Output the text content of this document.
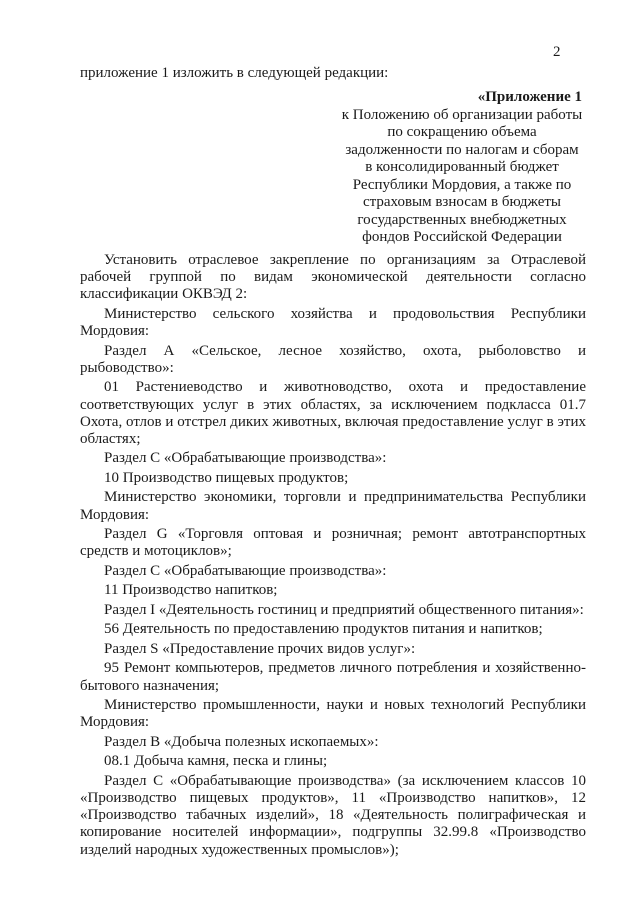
2
приложение 1 изложить в следующей редакции:
«Приложение 1
к Положению об организации работы
по сокращению объема
задолженности по налогам и сборам
в консолидированный бюджет
Республики Мордовия, а также по
страховым взносам в бюджеты
государственных внебюджетных
фондов Российской Федерации

Установить отраслевое закрепление по организациям за Отраслевой рабочей группой по видам экономической деятельности согласно классификации ОКВЭД 2:

Министерство сельского хозяйства и продовольствия Республики Мордовия:

Раздел А «Сельское, лесное хозяйство, охота, рыболовство и рыбоводство»:

01 Растениеводство и животноводство, охота и предоставление соответствующих услуг в этих областях, за исключением подкласса 01.7 Охота, отлов и отстрел диких животных, включая предоставление услуг в этих областях;

Раздел С «Обрабатывающие производства»:

10 Производство пищевых продуктов;

Министерство экономики, торговли и предпринимательства Республики Мордовия:

Раздел G «Торговля оптовая и розничная; ремонт автотранспортных средств и мотоциклов»;

Раздел С «Обрабатывающие производства»:

11 Производство напитков;

Раздел I «Деятельность гостиниц и предприятий общественного питания»:

56 Деятельность по предоставлению продуктов питания и напитков;

Раздел S «Предоставление прочих видов услуг»:

95 Ремонт компьютеров, предметов личного потребления и хозяйственно-бытового назначения;

Министерство промышленности, науки и новых технологий Республики Мордовия:

Раздел В «Добыча полезных ископаемых»:

08.1 Добыча камня, песка и глины;

Раздел С «Обрабатывающие производства» (за исключением классов 10 «Производство пищевых продуктов», 11 «Производство напитков», 12 «Производство табачных изделий», 18 «Деятельность полиграфическая и копирование носителей информации», подгруппы 32.99.8 «Производство изделий народных художественных промыслов»);
